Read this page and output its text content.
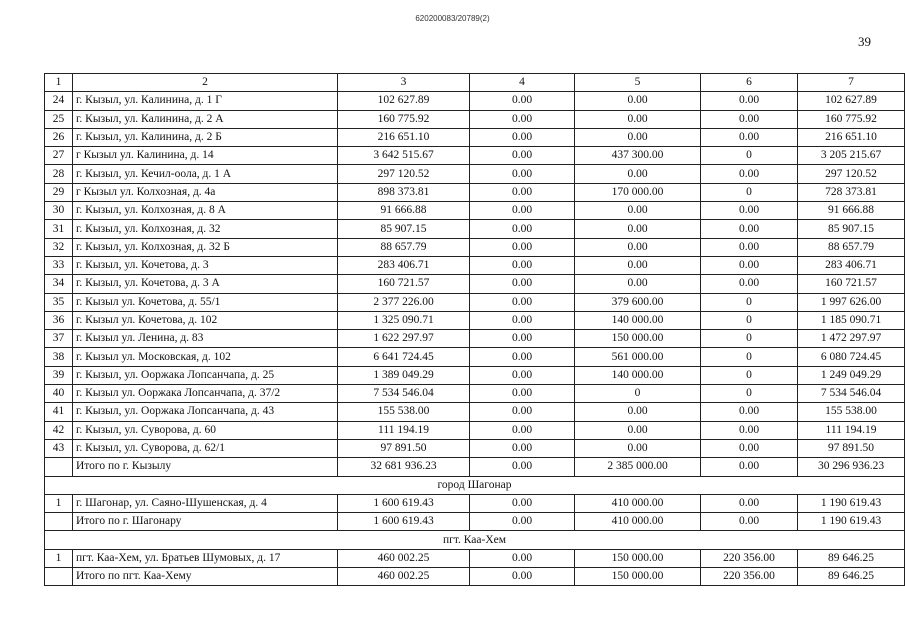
620200083/20789(2)
39
1	2	3	4	5	6	7
24	г. Кызыл, ул. Калинина, д. 1 Г	102 627.89	0.00	0.00	0.00	102 627.89
25	г. Кызыл, ул. Калинина, д. 2 А	160 775.92	0.00	0.00	0.00	160 775.92
26	г. Кызыл, ул. Калинина, д. 2 Б	216 651.10	0.00	0.00	0.00	216 651.10
27	г Кызыл ул. Калинина, д. 14	3 642 515.67	0.00	437 300.00	0	3 205 215.67
28	г. Кызыл, ул. Кечил-оола, д. 1 А	297 120.52	0.00	0.00	0.00	297 120.52
29	г Кызыл ул. Колхозная, д. 4а	898 373.81	0.00	170 000.00	0	728 373.81
30	г. Кызыл, ул. Колхозная, д. 8 А	91 666.88	0.00	0.00	0.00	91 666.88
31	г. Кызыл, ул. Колхозная, д. 32	85 907.15	0.00	0.00	0.00	85 907.15
32	г. Кызыл, ул. Колхозная, д. 32 Б	88 657.79	0.00	0.00	0.00	88 657.79
33	г. Кызыл, ул. Кочетова, д. 3	283 406.71	0.00	0.00	0.00	283 406.71
34	г. Кызыл, ул. Кочетова, д. 3 А	160 721.57	0.00	0.00	0.00	160 721.57
35	г. Кызыл ул. Кочетова, д. 55/1	2 377 226.00	0.00	379 600.00	0	1 997 626.00
36	г. Кызыл ул. Кочетова, д. 102	1 325 090.71	0.00	140 000.00	0	1 185 090.71
37	г. Кызыл ул. Ленина, д. 83	1 622 297.97	0.00	150 000.00	0	1 472 297.97
38	г. Кызыл ул. Московская, д. 102	6 641 724.45	0.00	561 000.00	0	6 080 724.45
39	г. Кызыл, ул. Ооржака Лопсанчапа, д. 25	1 389 049.29	0.00	140 000.00	0	1 249 049.29
40	г. Кызыл ул. Ооржака Лопсанчапа, д. 37/2	7 534 546.04	0.00	0	0	7 534 546.04
41	г. Кызыл, ул. Ооржака Лопсанчапа, д. 43	155 538.00	0.00	0.00	0.00	155 538.00
42	г. Кызыл, ул. Суворова, д. 60	111 194.19	0.00	0.00	0.00	111 194.19
43	г. Кызыл, ул. Суворова, д. 62/1	97 891.50	0.00	0.00	0.00	97 891.50
	Итого по г. Кызылу	32 681 936.23	0.00	2 385 000.00	0.00	30 296 936.23
город Шагонар						
1	г. Шагонар, ул. Саяно-Шушенская, д. 4	1 600 619.43	0.00	410 000.00	0.00	1 190 619.43
	Итого по г. Шагонару	1 600 619.43	0.00	410 000.00	0.00	1 190 619.43
пгт. Каа-Хем						
1	пгт. Каа-Хем, ул. Братьев Шумовых, д. 17	460 002.25	0.00	150 000.00	220 356.00	89 646.25
	Итого по пгт. Каа-Хему	460 002.25	0.00	150 000.00	220 356.00	89 646.25
